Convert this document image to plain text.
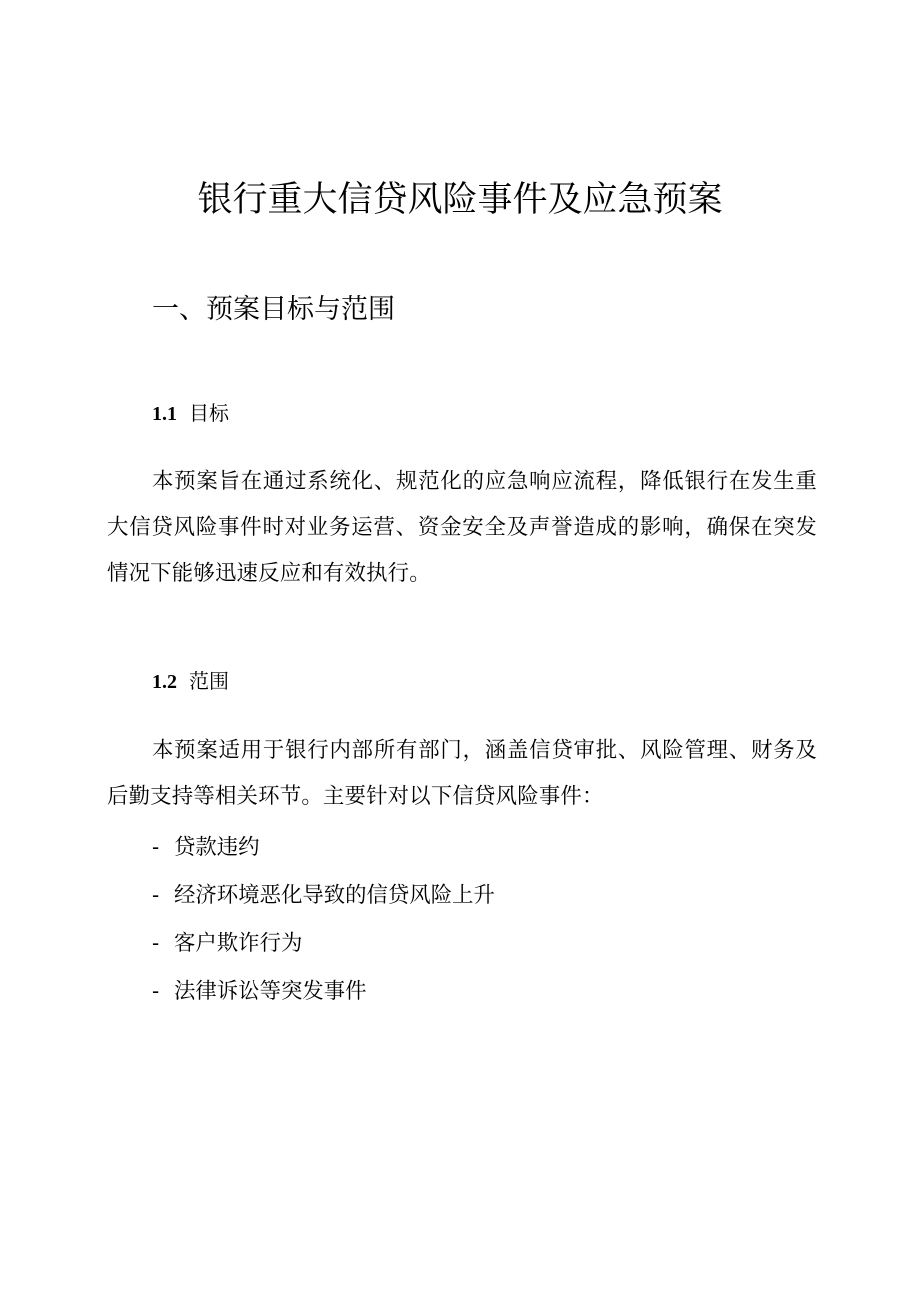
银行重大信贷风险事件及应急预案
一、预案目标与范围
1.1 目标

本预案旨在通过系统化、规范化的应急响应流程，降低银行在发生重大信贷风险事件时对业务运营、资金安全及声誉造成的影响，确保在突发情况下能够迅速反应和有效执行。

1.2 范围

本预案适用于银行内部所有部门，涵盖信贷审批、风险管理、财务及后勤支持等相关环节。主要针对以下信贷风险事件：

- 贷款违约
- 经济环境恶化导致的信贷风险上升
- 客户欺诈行为
- 法律诉讼等突发事件
